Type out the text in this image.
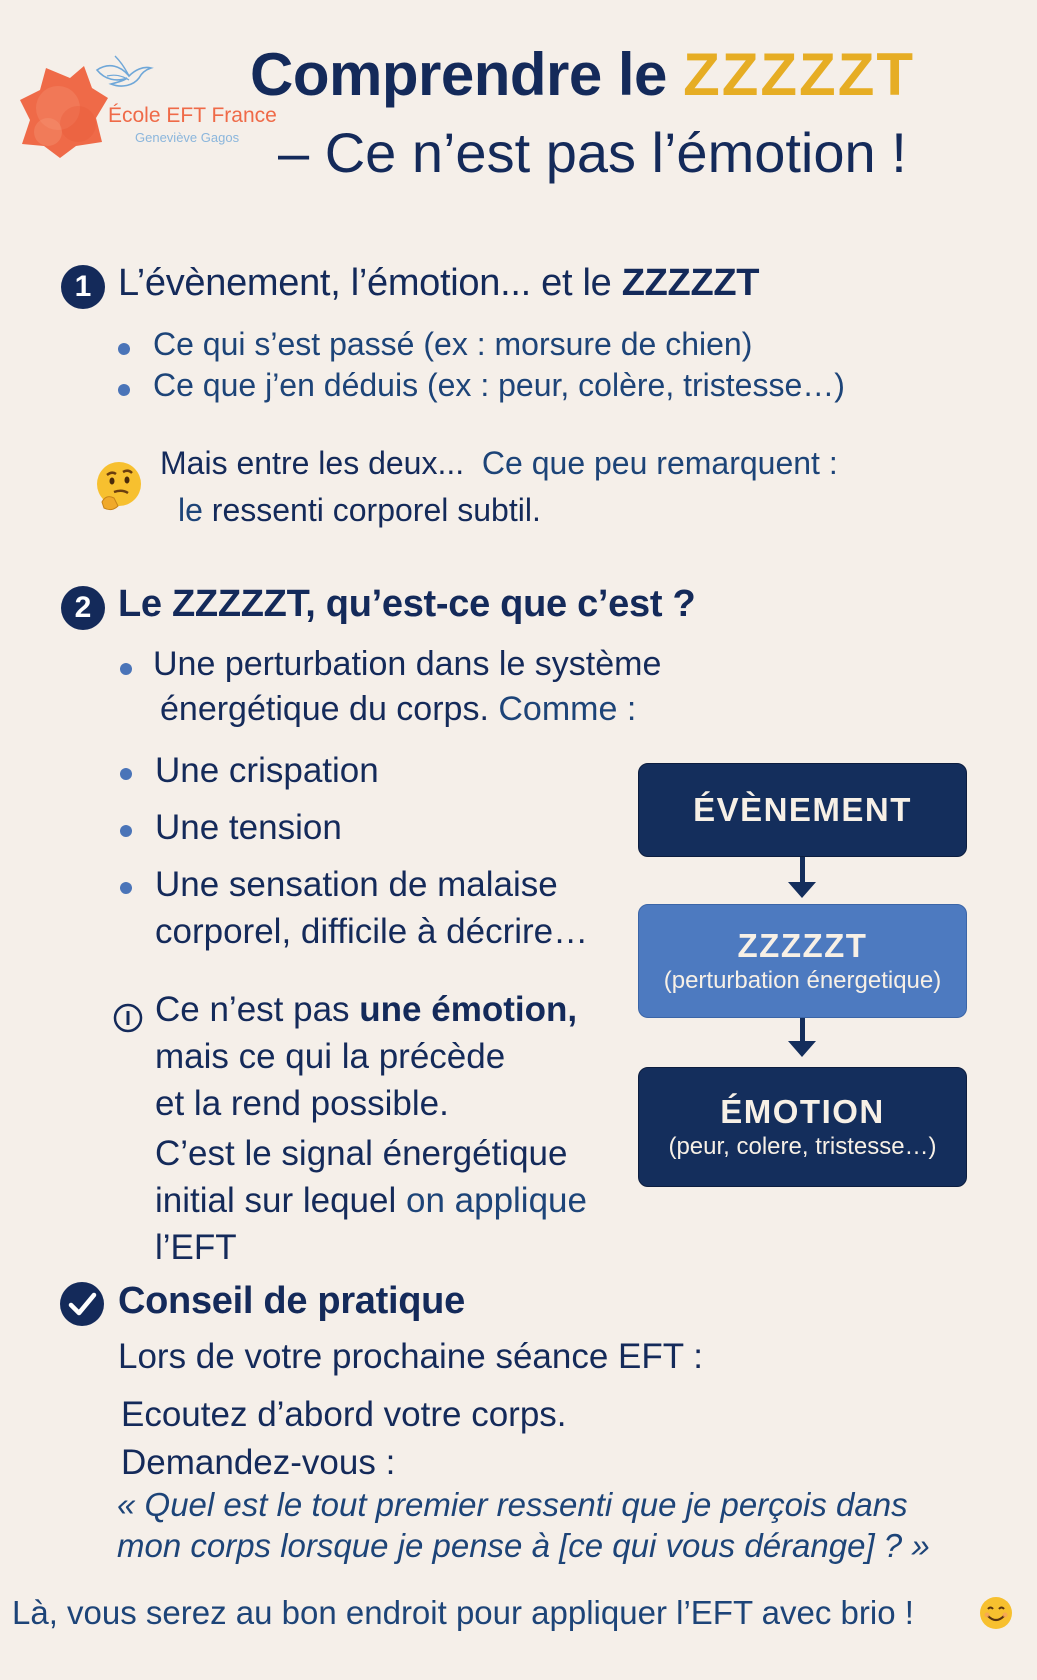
École EFT France
Geneviève Gagos
Comprendre le ZZZZZT
– Ce n’est pas l’émotion !
1 L’évènement, l’émotion... et le ZZZZZT
Ce qui s’est passé (ex : morsure de chien)
Ce que j’en déduis (ex : peur, colère, tristesse…)
Mais entre les deux... Ce que peu remarquent :
le ressenti corporel subtil.
2 Le ZZZZZT, qu’est-ce que c’est ?
Une perturbation dans le système
énergétique du corps. Comme :
Une crispation
Une tension
Une sensation de malaise
corporel, difficile à décrire…
Ce n’est pas une émotion,
mais ce qui la précède
et la rend possible.
C’est le signal énergétique
initial sur lequel on applique
l’EFT
ÉVÈNEMENT
ZZZZZT
(perturbation énergetique)
ÉMOTION
(peur, colere, tristesse…)
Conseil de pratique
Lors de votre prochaine séance EFT :
Ecoutez d’abord votre corps.
Demandez-vous :
« Quel est le tout premier ressenti que je perçois dans
mon corps lorsque je pense à [ce qui vous dérange] ? »
Là, vous serez au bon endroit pour appliquer l’EFT avec brio !
